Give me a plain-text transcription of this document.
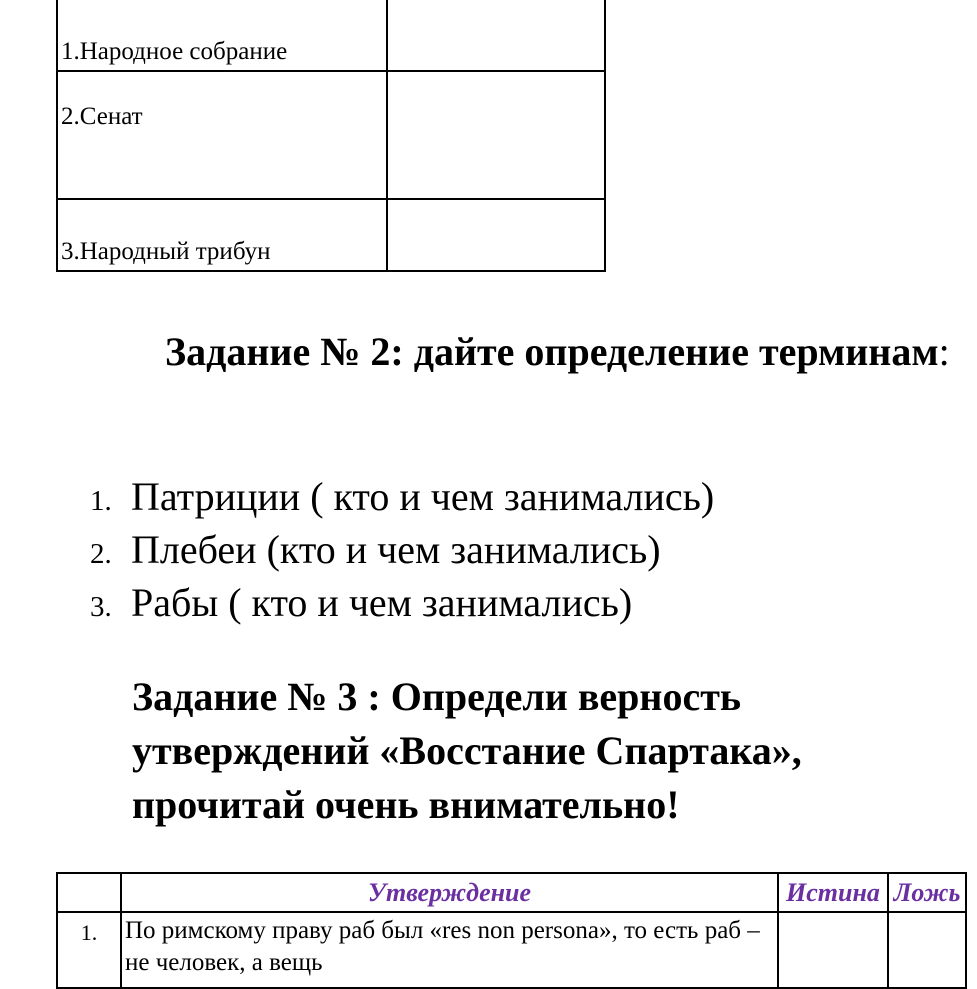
1.Народное собрание	
2.Сенат	
3.Народный трибун	

Задание № 2: дайте определение терминам:

1. Патриции ( кто и чем занимались)
2. Плебеи (кто и чем занимались)
3. Рабы ( кто и чем занимались)

Задание № 3 : Определи верность утверждений «Восстание Спартака», прочитай очень внимательно!

	Утверждение	Истина	Ложь
1.	По римскому праву раб был «res non persona», то есть раб – не человек, а вещь		
